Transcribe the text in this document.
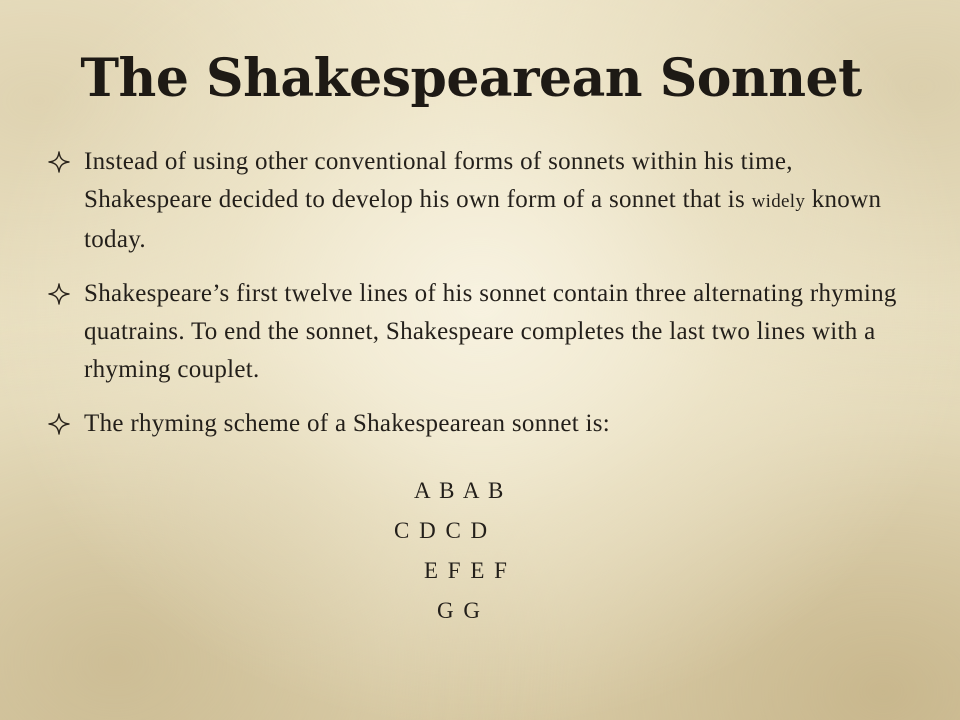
The Shakespearean Sonnet
Instead of using other conventional forms of sonnets within his time, Shakespeare decided to develop his own form of a sonnet that is widely known today.
Shakespeare’s first twelve lines of his sonnet contain three alternating rhyming quatrains. To end the sonnet, Shakespeare completes the last two lines with a rhyming couplet.
The rhyming scheme of a Shakespearean sonnet is:

A B A B

C D C D

E F E F

G G
